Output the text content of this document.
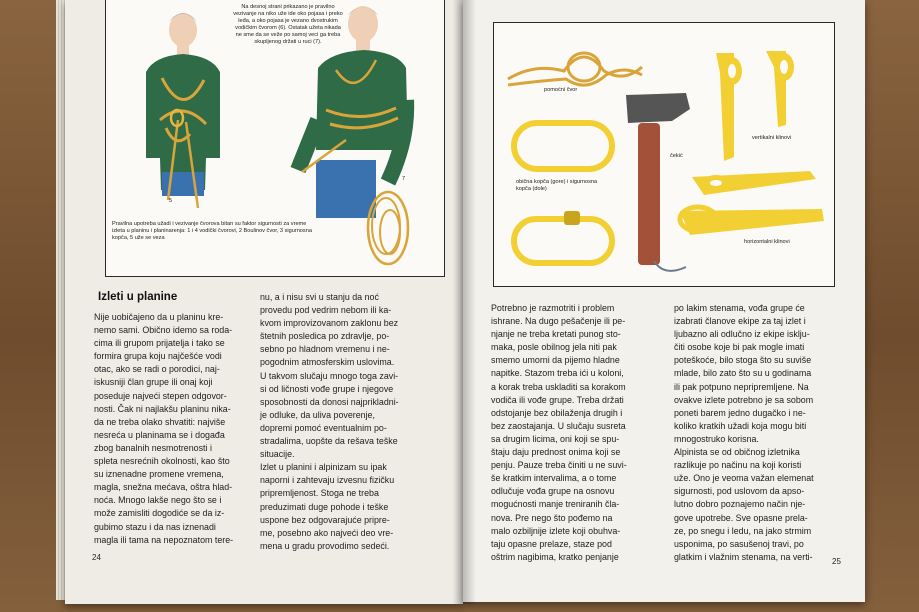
5
7
Na desnoj strani prikazano je pravilno vezivanje na niko uže ide oko pojasa i preko leđa, a oko pojasa je vezano dvostrukim vodičkim čvorom (6). Ostatak užeta nikada ne sme da se veže po samoj veci ga treba skupljenog držati u ruci (7).
Pravilna upotreba užadi i vezivanje čvorova bitan su faktor sigurnosti za vreme izleta u planinu i planinarenja: 1 i 4 vodički čvorovi, 2 Boulinov čvor, 3 sigurnosna kopča, 5 uže se veza
Izleti u planine
Nije uobičajeno da u planinu kre-
nemo sami. Obično idemo sa roda-
cima ili grupom prijatelja i tako se
formira grupa koju najčešće vodi
otac, ako se radi o porodici, naj-
iskusniji član grupe ili onaj koji
poseduje najveći stepen odgovor-
nosti. Čak ni najlakšu planinu nika-
da ne treba olako shvatiti: najviše
nesreća u planinama se i događa
zbog banalnih nesmotrenosti i
spleta nesrećnih okolnosti, kao što
su iznenadne promene vremena,
magla, snežna mećava, oštra hlad-
noća. Mnogo lakše nego što se i
može zamisliti dogodiće se da iz-
gubimo stazu i da nas iznenadi
magla ili tama na nepoznatom tere-
nu, a i nisu svi u stanju da noć
provedu pod vedrim nebom ili ka-
kvom improvizovanom zaklonu bez
štetnih posledica po zdravlje, po-
sebno po hladnom vremenu i ne-
pogodnim atmosferskim uslovima.
U takvom slučaju mnogo toga zavi-
si od ličnosti vođe grupe i njegove
sposobnosti da donosi najprikladni-
je odluke, da uliva poverenje,
dopremi pomoć eventualnim po-
stradalima, uopšte da rešava teške
situacije.
Izlet u planini i alpinizam su ipak
naporni i zahtevaju izvesnu fizičku
pripremljenost. Stoga ne treba
preduzimati duge pohode i teške
uspone bez odgovarajuće pripre-
me, posebno ako najveći deo vre-
mena u gradu provodimo sedeći.
24
pomoćni čvor
čekić
obična kopča (gore) i sigurnosna kopča (dole)
vertikalni klinovi
horizontalni klinovi
Potrebno je razmotriti i problem
ishrane. Na dugo pešačenje ili pe-
njanje ne treba kretati punog sto-
maka, posle obilnog jela niti pak
smemo umorni da pijemo hladne
napitke. Stazom treba ići u koloni,
a korak treba uskladiti sa korakom
vodiča ili vođe grupe. Treba držati
odstojanje bez obilaženja drugih i
bez zaostajanja. U slučaju susreta
sa drugim licima, oni koji se spu-
štaju daju prednost onima koji se
penju. Pauze treba činiti u ne suvi-
še kratkim intervalima, a o tome
odlučuje vođa grupe na osnovu
mogućnosti manje treniranih čla-
nova. Pre nego što pođemo na
malo ozbiljnije izlete koji obuhva-
taju opasne prelaze, staze pod
oštrim nagibima, kratko penjanje
po lakim stenama, vođa grupe će
izabrati članove ekipe za taj izlet i
ljubazno ali odlučno iz ekipe isklju-
čiti osobe koje bi pak mogle imati
poteškoće, bilo stoga što su suviše
mlade, bilo zato što su u godinama
ili pak potpuno nepripremljene. Na
ovakve izlete potrebno je sa sobom
poneti barem jedno dugačko i ne-
koliko kratkih užadi koja mogu biti
mnogostruko korisna.
Alpinista se od običnog izletnika
razlikuje po načinu na koji koristi
uže. Ono je veoma važan elemenat
sigurnosti, pod uslovom da apso-
lutno dobro poznajemo način nje-
gove upotrebe. Sve opasne prela-
ze, po snegu i ledu, na jako strmim
usponima, po sasušenoj travi, po
glatkim i vlažnim stenama, na verti-	25
